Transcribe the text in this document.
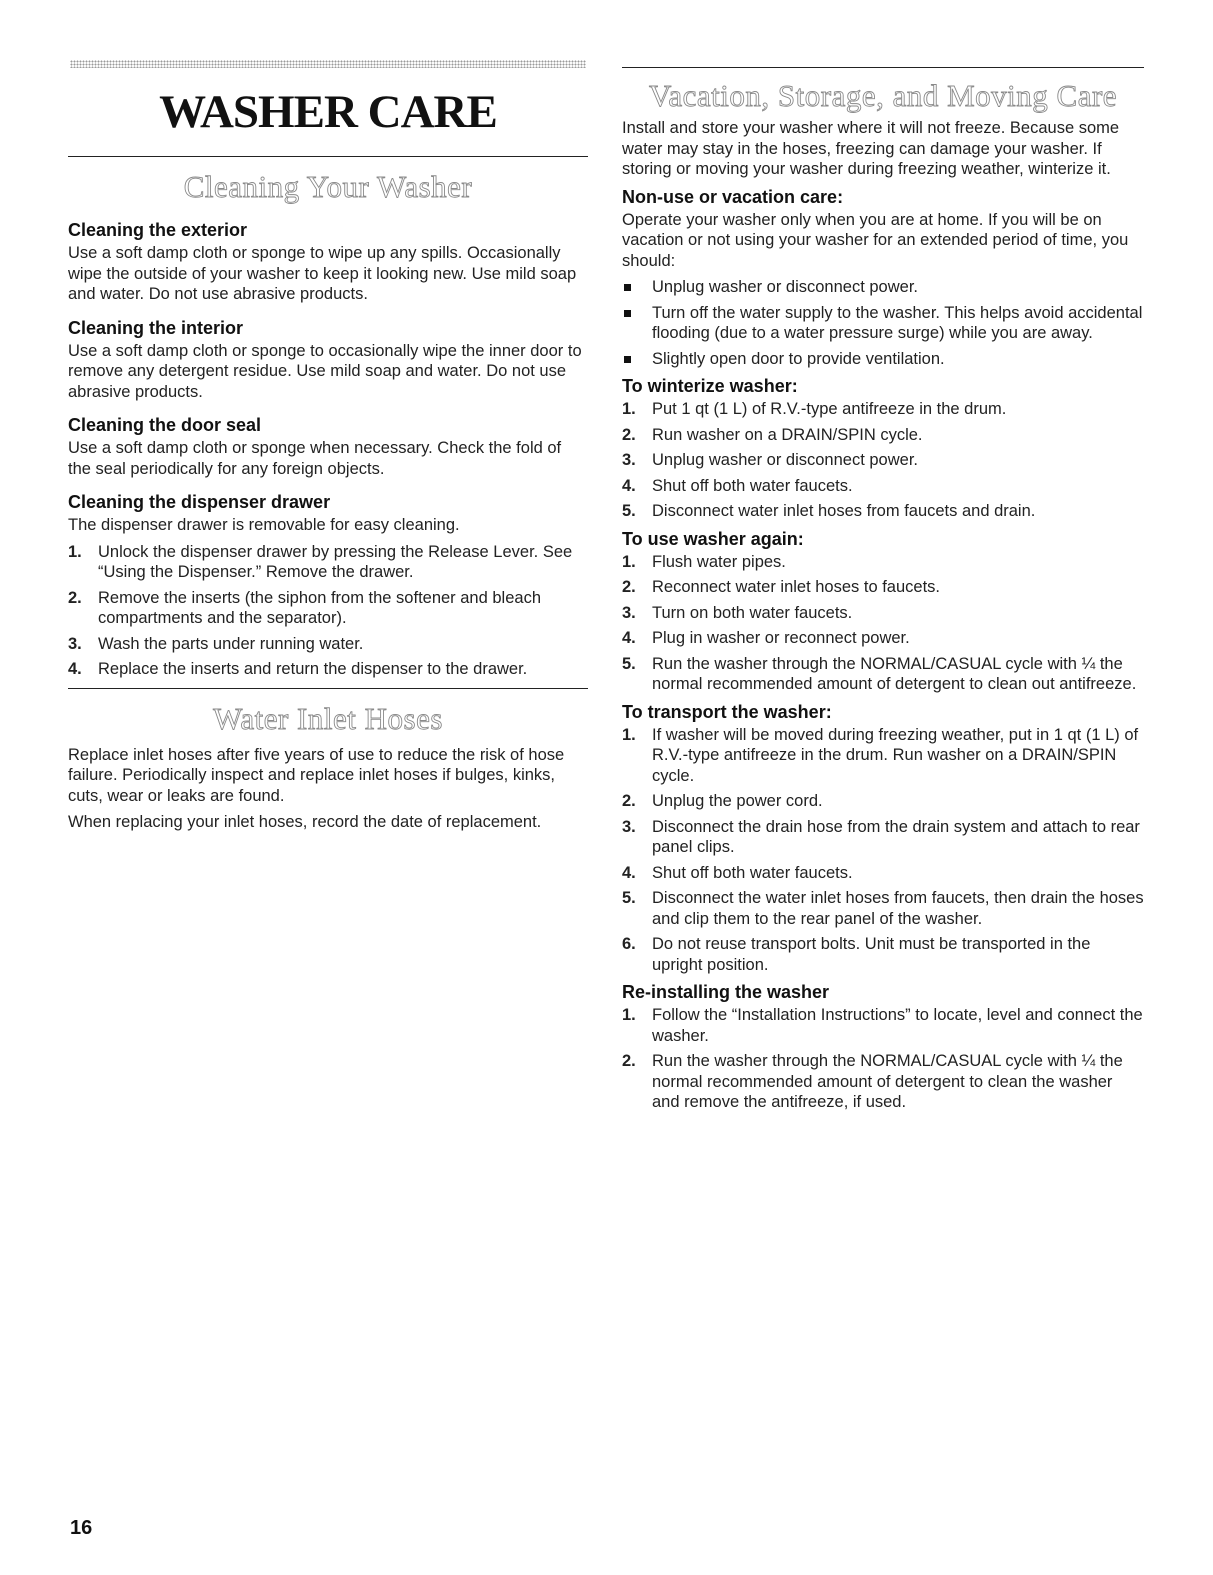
WASHER CARE
Cleaning Your Washer
Cleaning the exterior

Use a soft damp cloth or sponge to wipe up any spills. Occasionally wipe the outside of your washer to keep it looking new. Use mild soap and water. Do not use abrasive products.

Cleaning the interior

Use a soft damp cloth or sponge to occasionally wipe the inner door to remove any detergent residue. Use mild soap and water. Do not use abrasive products.

Cleaning the door seal

Use a soft damp cloth or sponge when necessary. Check the fold of the seal periodically for any foreign objects.

Cleaning the dispenser drawer

The dispenser drawer is removable for easy cleaning.

1. Unlock the dispenser drawer by pressing the Release Lever. See “Using the Dispenser.” Remove the drawer.
2. Remove the inserts (the siphon from the softener and bleach compartments and the separator).
3. Wash the parts under running water.
4. Replace the inserts and return the dispenser to the drawer.
Water Inlet Hoses

Replace inlet hoses after five years of use to reduce the risk of hose failure. Periodically inspect and replace inlet hoses if bulges, kinks, cuts, wear or leaks are found.

When replacing your inlet hoses, record the date of replacement.

Vacation, Storage, and Moving Care

Install and store your washer where it will not freeze. Because some water may stay in the hoses, freezing can damage your washer. If storing or moving your washer during freezing weather, winterize it.

Non-use or vacation care:

Operate your washer only when you are at home. If you will be on vacation or not using your washer for an extended period of time, you should:

Unplug washer or disconnect power.
Turn off the water supply to the washer. This helps avoid accidental flooding (due to a water pressure surge) while you are away.
Slightly open door to provide ventilation.
To winterize washer:
1. Put 1 qt (1 L) of R.V.-type antifreeze in the drum.
2. Run washer on a DRAIN/SPIN cycle.
3. Unplug washer or disconnect power.
4. Shut off both water faucets.
5. Disconnect water inlet hoses from faucets and drain.
To use washer again:
1. Flush water pipes.
2. Reconnect water inlet hoses to faucets.
3. Turn on both water faucets.
4. Plug in washer or reconnect power.
5. Run the washer through the NORMAL/CASUAL cycle with ¼ the normal recommended amount of detergent to clean out antifreeze.
To transport the washer:
1. If washer will be moved during freezing weather, put in 1 qt (1 L) of R.V.-type antifreeze in the drum. Run washer on a DRAIN/SPIN cycle.
2. Unplug the power cord.
3. Disconnect the drain hose from the drain system and attach to rear panel clips.
4. Shut off both water faucets.
5. Disconnect the water inlet hoses from faucets, then drain the hoses and clip them to the rear panel of the washer.
6. Do not reuse transport bolts. Unit must be transported in the upright position.
Re-installing the washer
1. Follow the “Installation Instructions” to locate, level and connect the washer.
2. Run the washer through the NORMAL/CASUAL cycle with ¼ the normal recommended amount of detergent to clean the washer and remove the antifreeze, if used.
16
